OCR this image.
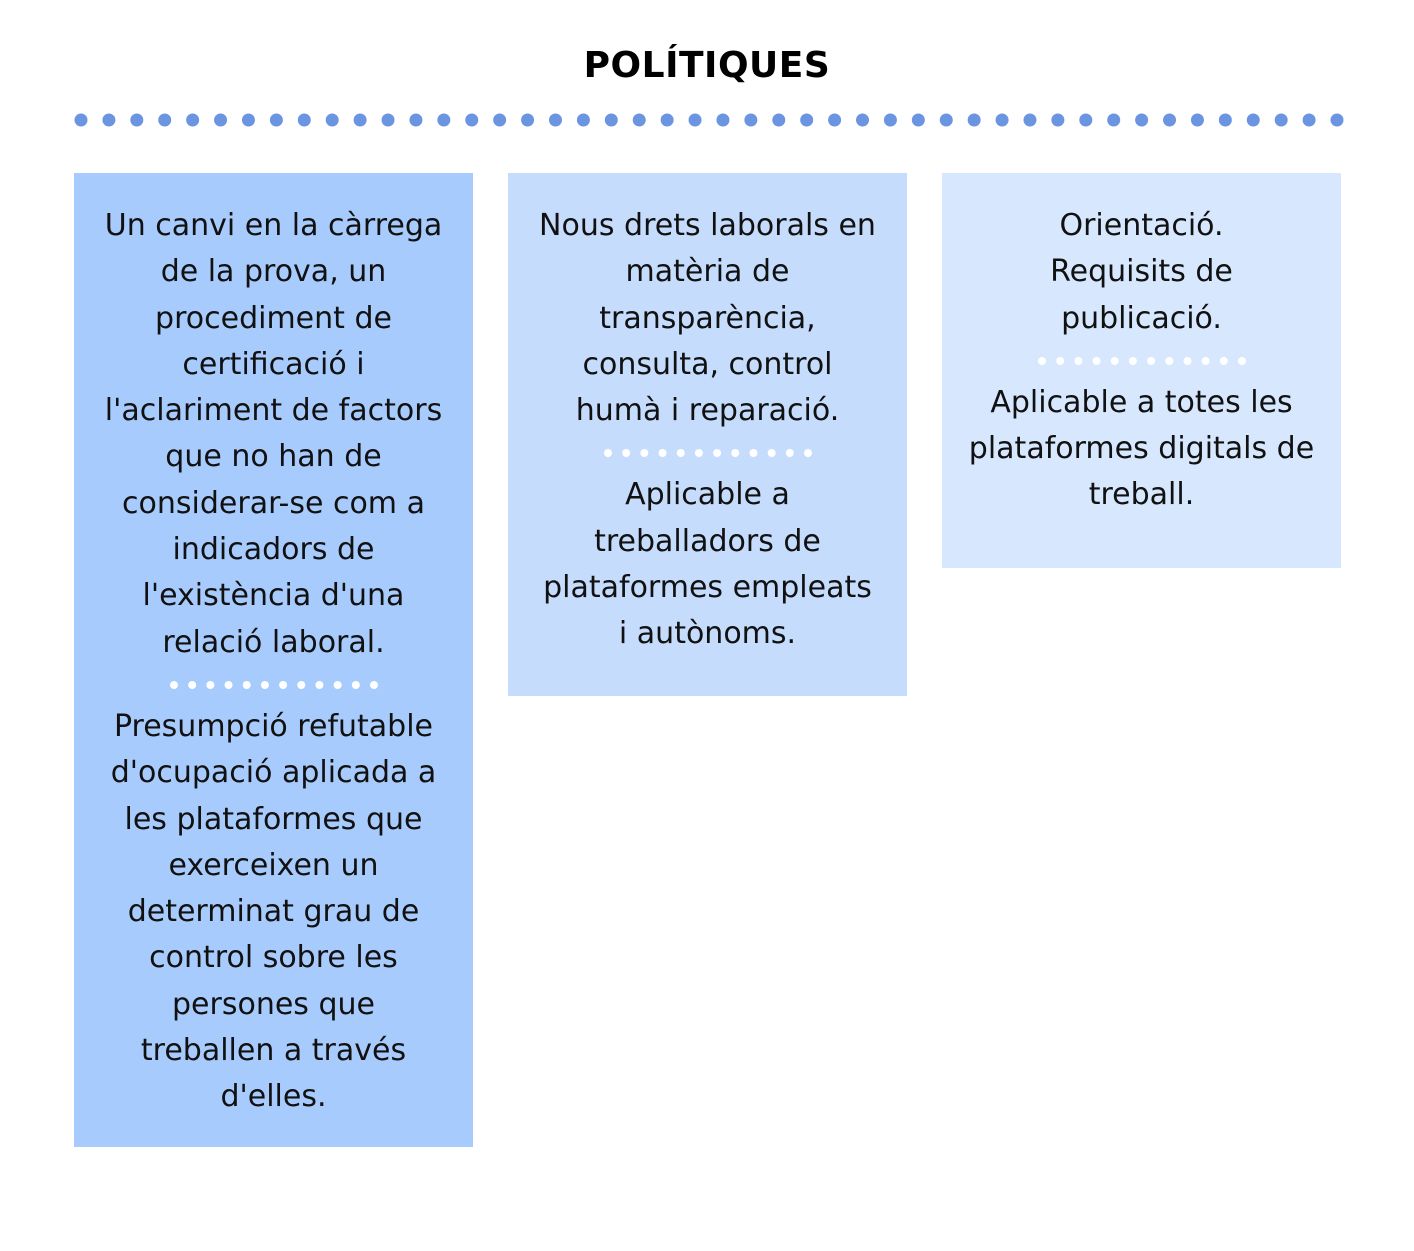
POLÍTIQUES

Un canvi en la càrrega
de la prova, un
procediment de
certificació i
l'aclariment de factors
que no han de
considerar-se com a
indicadors de
l'existència d'una
relació laboral.

Presumpció refutable
d'ocupació aplicada a
les plataformes que
exerceixen un
determinat grau de
control sobre les
persones que
treballen a través
d'elles.

Nous drets laborals en
matèria de
transparència,
consulta, control
humà i reparació.

Aplicable a
treballadors de
plataformes empleats
i autònoms.

Orientació.
Requisits de
publicació.

Aplicable a totes les
plataformes digitals de
treball.
